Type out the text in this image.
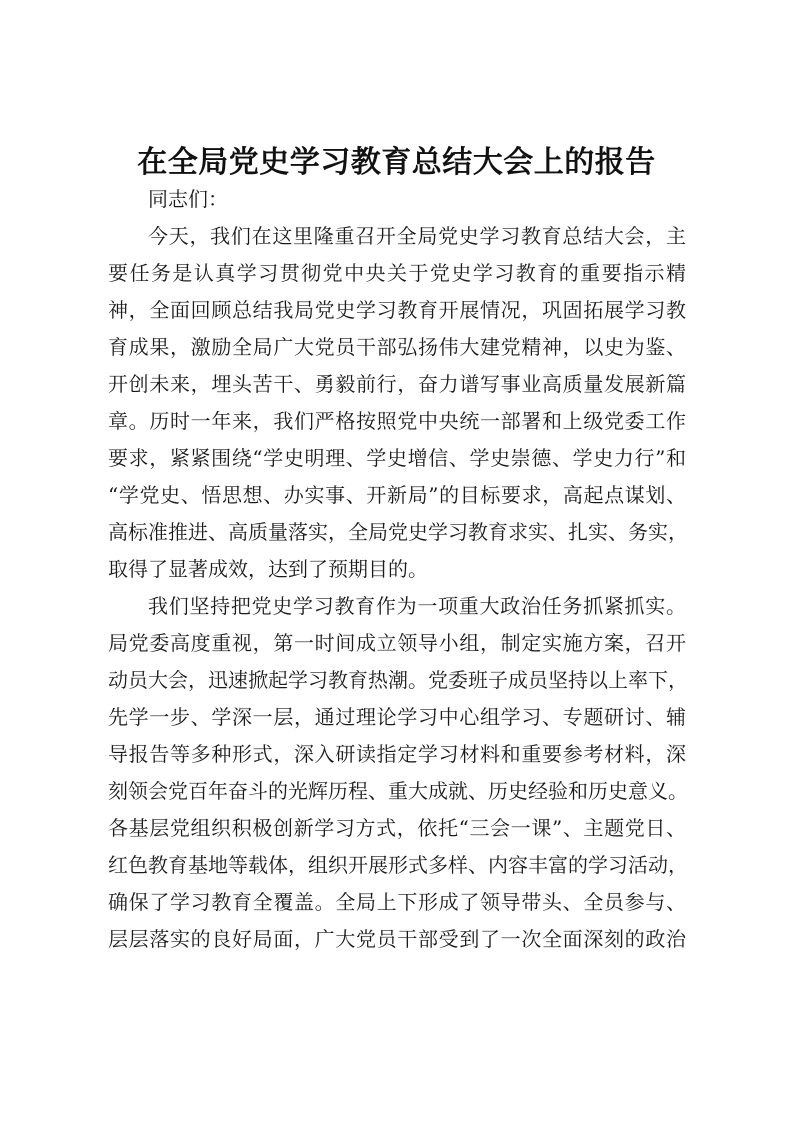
在全局党史学习教育总结大会上的报告
同志们：
今天，我们在这里隆重召开全局党史学习教育总结大会，主
要任务是认真学习贯彻党中央关于党史学习教育的重要指示精
神，全面回顾总结我局党史学习教育开展情况，巩固拓展学习教
育成果，激励全局广大党员干部弘扬伟大建党精神，以史为鉴、
开创未来，埋头苦干、勇毅前行，奋力谱写事业高质量发展新篇
章。历时一年来，我们严格按照党中央统一部署和上级党委工作
要求，紧紧围绕“学史明理、学史增信、学史崇德、学史力行”和
“学党史、悟思想、办实事、开新局”的目标要求，高起点谋划、
高标准推进、高质量落实，全局党史学习教育求实、扎实、务实，
取得了显著成效，达到了预期目的。
我们坚持把党史学习教育作为一项重大政治任务抓紧抓实。
局党委高度重视，第一时间成立领导小组，制定实施方案，召开
动员大会，迅速掀起学习教育热潮。党委班子成员坚持以上率下，
先学一步、学深一层，通过理论学习中心组学习、专题研讨、辅
导报告等多种形式，深入研读指定学习材料和重要参考材料，深
刻领会党百年奋斗的光辉历程、重大成就、历史经验和历史意义。
各基层党组织积极创新学习方式，依托“三会一课”、主题党日、
红色教育基地等载体，组织开展形式多样、内容丰富的学习活动，
确保了学习教育全覆盖。全局上下形成了领导带头、全员参与、
层层落实的良好局面，广大党员干部受到了一次全面深刻的政治
